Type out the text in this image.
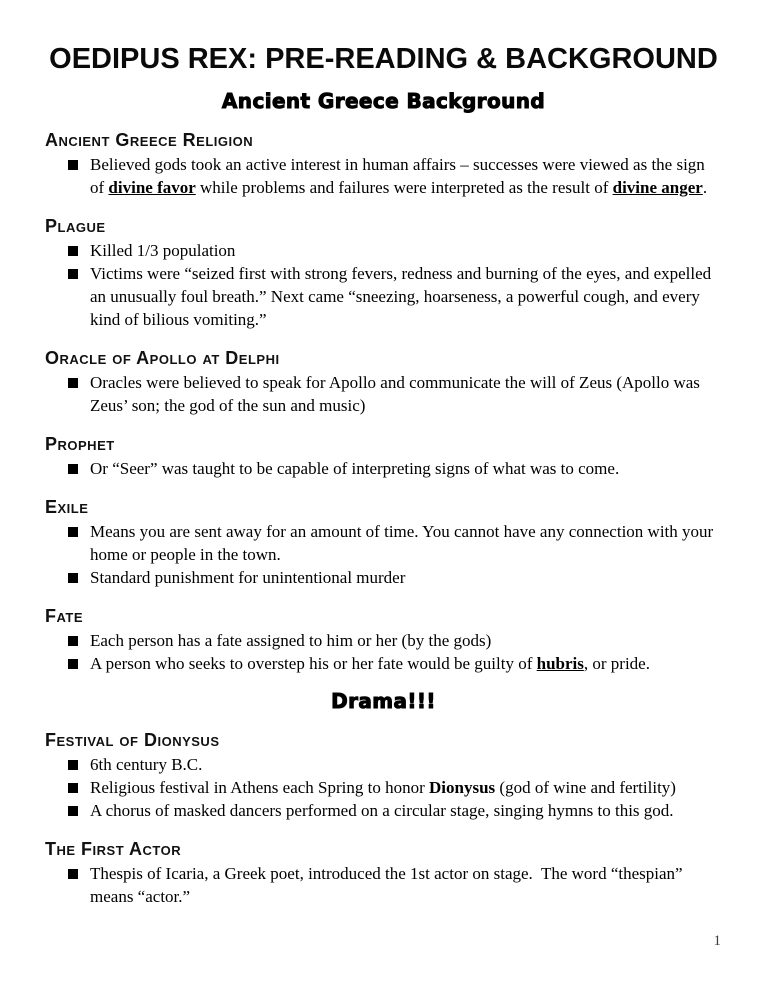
OEDIPUS REX: PRE-READING & BACKGROUND
Ancient Greece Background
Ancient Greece Religion
Believed gods took an active interest in human affairs – successes were viewed as the sign of divine favor while problems and failures were interpreted as the result of divine anger.
Plague
Killed 1/3 population
Victims were “seized first with strong fevers, redness and burning of the eyes, and expelled an unusually foul breath.” Next came “sneezing, hoarseness, a powerful cough, and every kind of bilious vomiting.”
Oracle of Apollo at Delphi
Oracles were believed to speak for Apollo and communicate the will of Zeus (Apollo was Zeus’ son; the god of the sun and music)
Prophet
Or “Seer” was taught to be capable of interpreting signs of what was to come.
Exile
Means you are sent away for an amount of time. You cannot have any connection with your home or people in the town.
Standard punishment for unintentional murder
Fate
Each person has a fate assigned to him or her (by the gods)
A person who seeks to overstep his or her fate would be guilty of hubris, or pride.
Drama!!!
Festival of Dionysus
6th century B.C.
Religious festival in Athens each Spring to honor Dionysus (god of wine and fertility)
A chorus of masked dancers performed on a circular stage, singing hymns to this god.
The First Actor
Thespis of Icaria, a Greek poet, introduced the 1st actor on stage.  The word “thespian” means “actor.”
1
